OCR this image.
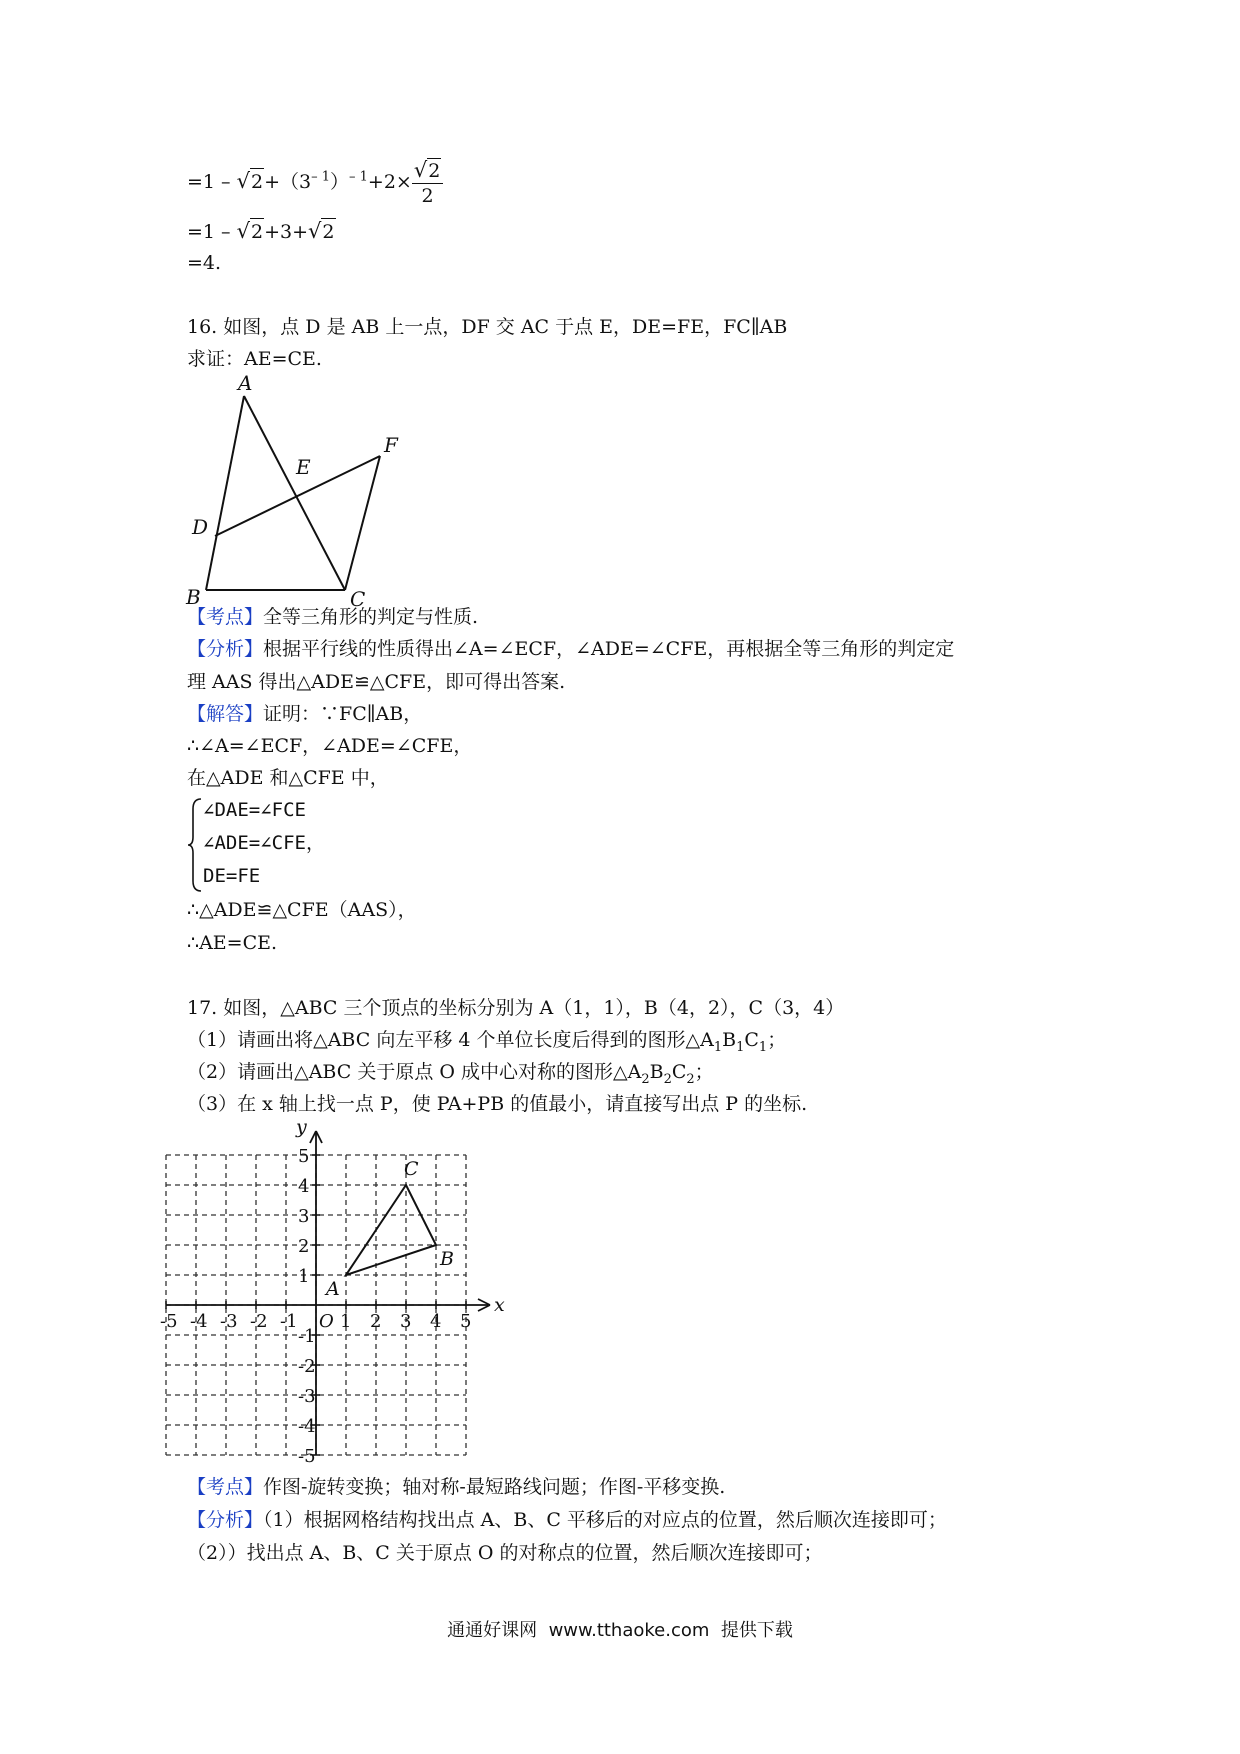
$=1 - √2+(3^{- 1})^{- 1}+2\times \frac{√2}{2}$
=1 – √2+3+√2
=4.
16. 如图，点 D 是 AB 上一点，DF 交 AC 于点 E，DE=FE，FC∥AB
求证：AE=CE.
A
B	C
D
E
F
【考点】全等三角形的判定与性质.
【分析】根据平行线的性质得出∠A=∠ECF，∠ADE=∠CFE，再根据全等三角形的判定定
理 AAS 得出△ADE≌△CFE，即可得出答案.
【解答】证明：∵FC∥AB，
∴∠A=∠ECF，∠ADE=∠CFE，
在△ADE 和△CFE 中，
∠DAE=∠FCE
∠ADE=∠CFE，
DE=FE
∴△ADE≌△CFE（AAS），
∴AE=CE.
17. 如图，△ABC 三个顶点的坐标分别为 A（1，1），B（4，2），C（3，4）
（1）请画出将△ABC 向左平移 4 个单位长度后得到的图形$\triangle A_1B_1C_1$；
（2）请画出△ABC 关于原点 O 成中心对称的图形$\triangle A_2B_2C_2$；
（3）在 x 轴上找一点 P，使 PA+PB 的值最小，请直接写出点 P 的坐标.
-5
-5
-4
-4
-3
-3
-2
-2
-1
-1
1
1
2
2
3
3
4
4
5
5
O
x
y
A
B
C
【考点】作图-旋转变换；轴对称-最短路线问题；作图-平移变换.
【分析】（1）根据网格结构找出点 A、B、C 平移后的对应点的位置，然后顺次连接即可；
（2））找出点 A、B、C 关于原点 O 的对称点的位置，然后顺次连接即可；
通通好课网  www.tthaoke.com  提供下载
